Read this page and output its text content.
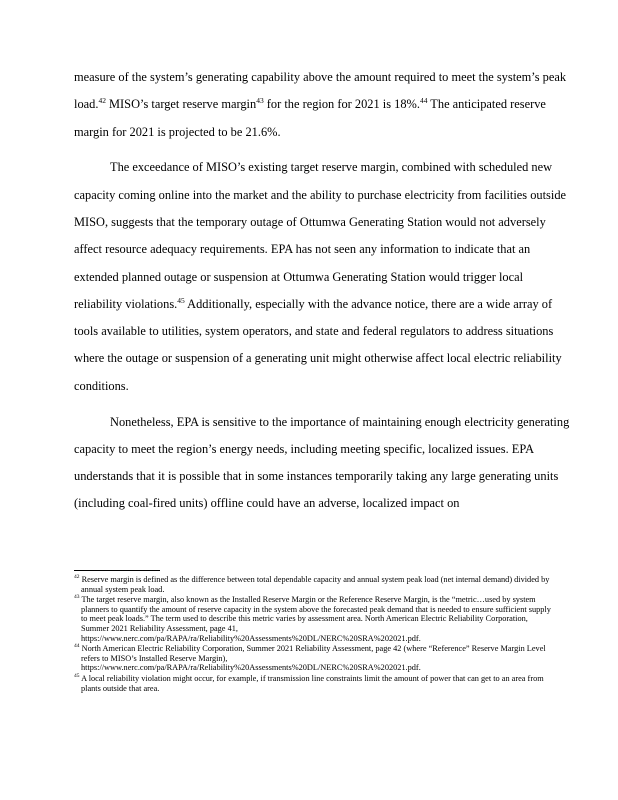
measure of the system’s generating capability above the amount required to meet the system’s peak load.$^{42}$ MISO’s target reserve margin$^{43}$ for the region for 2021 is 18%.$^{44}$ The anticipated reserve margin for 2021 is projected to be 21.6%.

The exceedance of MISO’s existing target reserve margin, combined with scheduled new capacity coming online into the market and the ability to purchase electricity from facilities outside MISO, suggests that the temporary outage of Ottumwa Generating Station would not adversely affect resource adequacy requirements. EPA has not seen any information to indicate that an extended planned outage or suspension at Ottumwa Generating Station would trigger local reliability violations.$^{45}$ Additionally, especially with the advance notice, there are a wide array of tools available to utilities, system operators, and state and federal regulators to address situations where the outage or suspension of a generating unit might otherwise affect local electric reliability conditions.

Nonetheless, EPA is sensitive to the importance of maintaining enough electricity generating capacity to meet the region’s energy needs, including meeting specific, localized issues. EPA understands that it is possible that in some instances temporarily taking any large generating units (including coal-fired units) offline could have an adverse, localized impact on

$^{42}$ Reserve margin is defined as the difference between total dependable capacity and annual system peak load (net internal demand) divided by annual system peak load.
$^{43}$ The target reserve margin, also known as the Installed Reserve Margin or the Reference Reserve Margin, is the “metric…used by system planners to quantify the amount of reserve capacity in the system above the forecasted peak demand that is needed to ensure sufficient supply to meet peak loads.” The term used to describe this metric varies by assessment area. North American Electric Reliability Corporation, Summer 2021 Reliability Assessment, page 41, https://www.nerc.com/pa/RAPA/ra/Reliability%20Assessments%20DL/NERC%20SRA%202021.pdf.
$^{44}$ North American Electric Reliability Corporation, Summer 2021 Reliability Assessment, page 42 (where “Reference” Reserve Margin Level refers to MISO’s Installed Reserve Margin), https://www.nerc.com/pa/RAPA/ra/Reliability%20Assessments%20DL/NERC%20SRA%202021.pdf.
$^{45}$ A local reliability violation might occur, for example, if transmission line constraints limit the amount of power that can get to an area from plants outside that area.
